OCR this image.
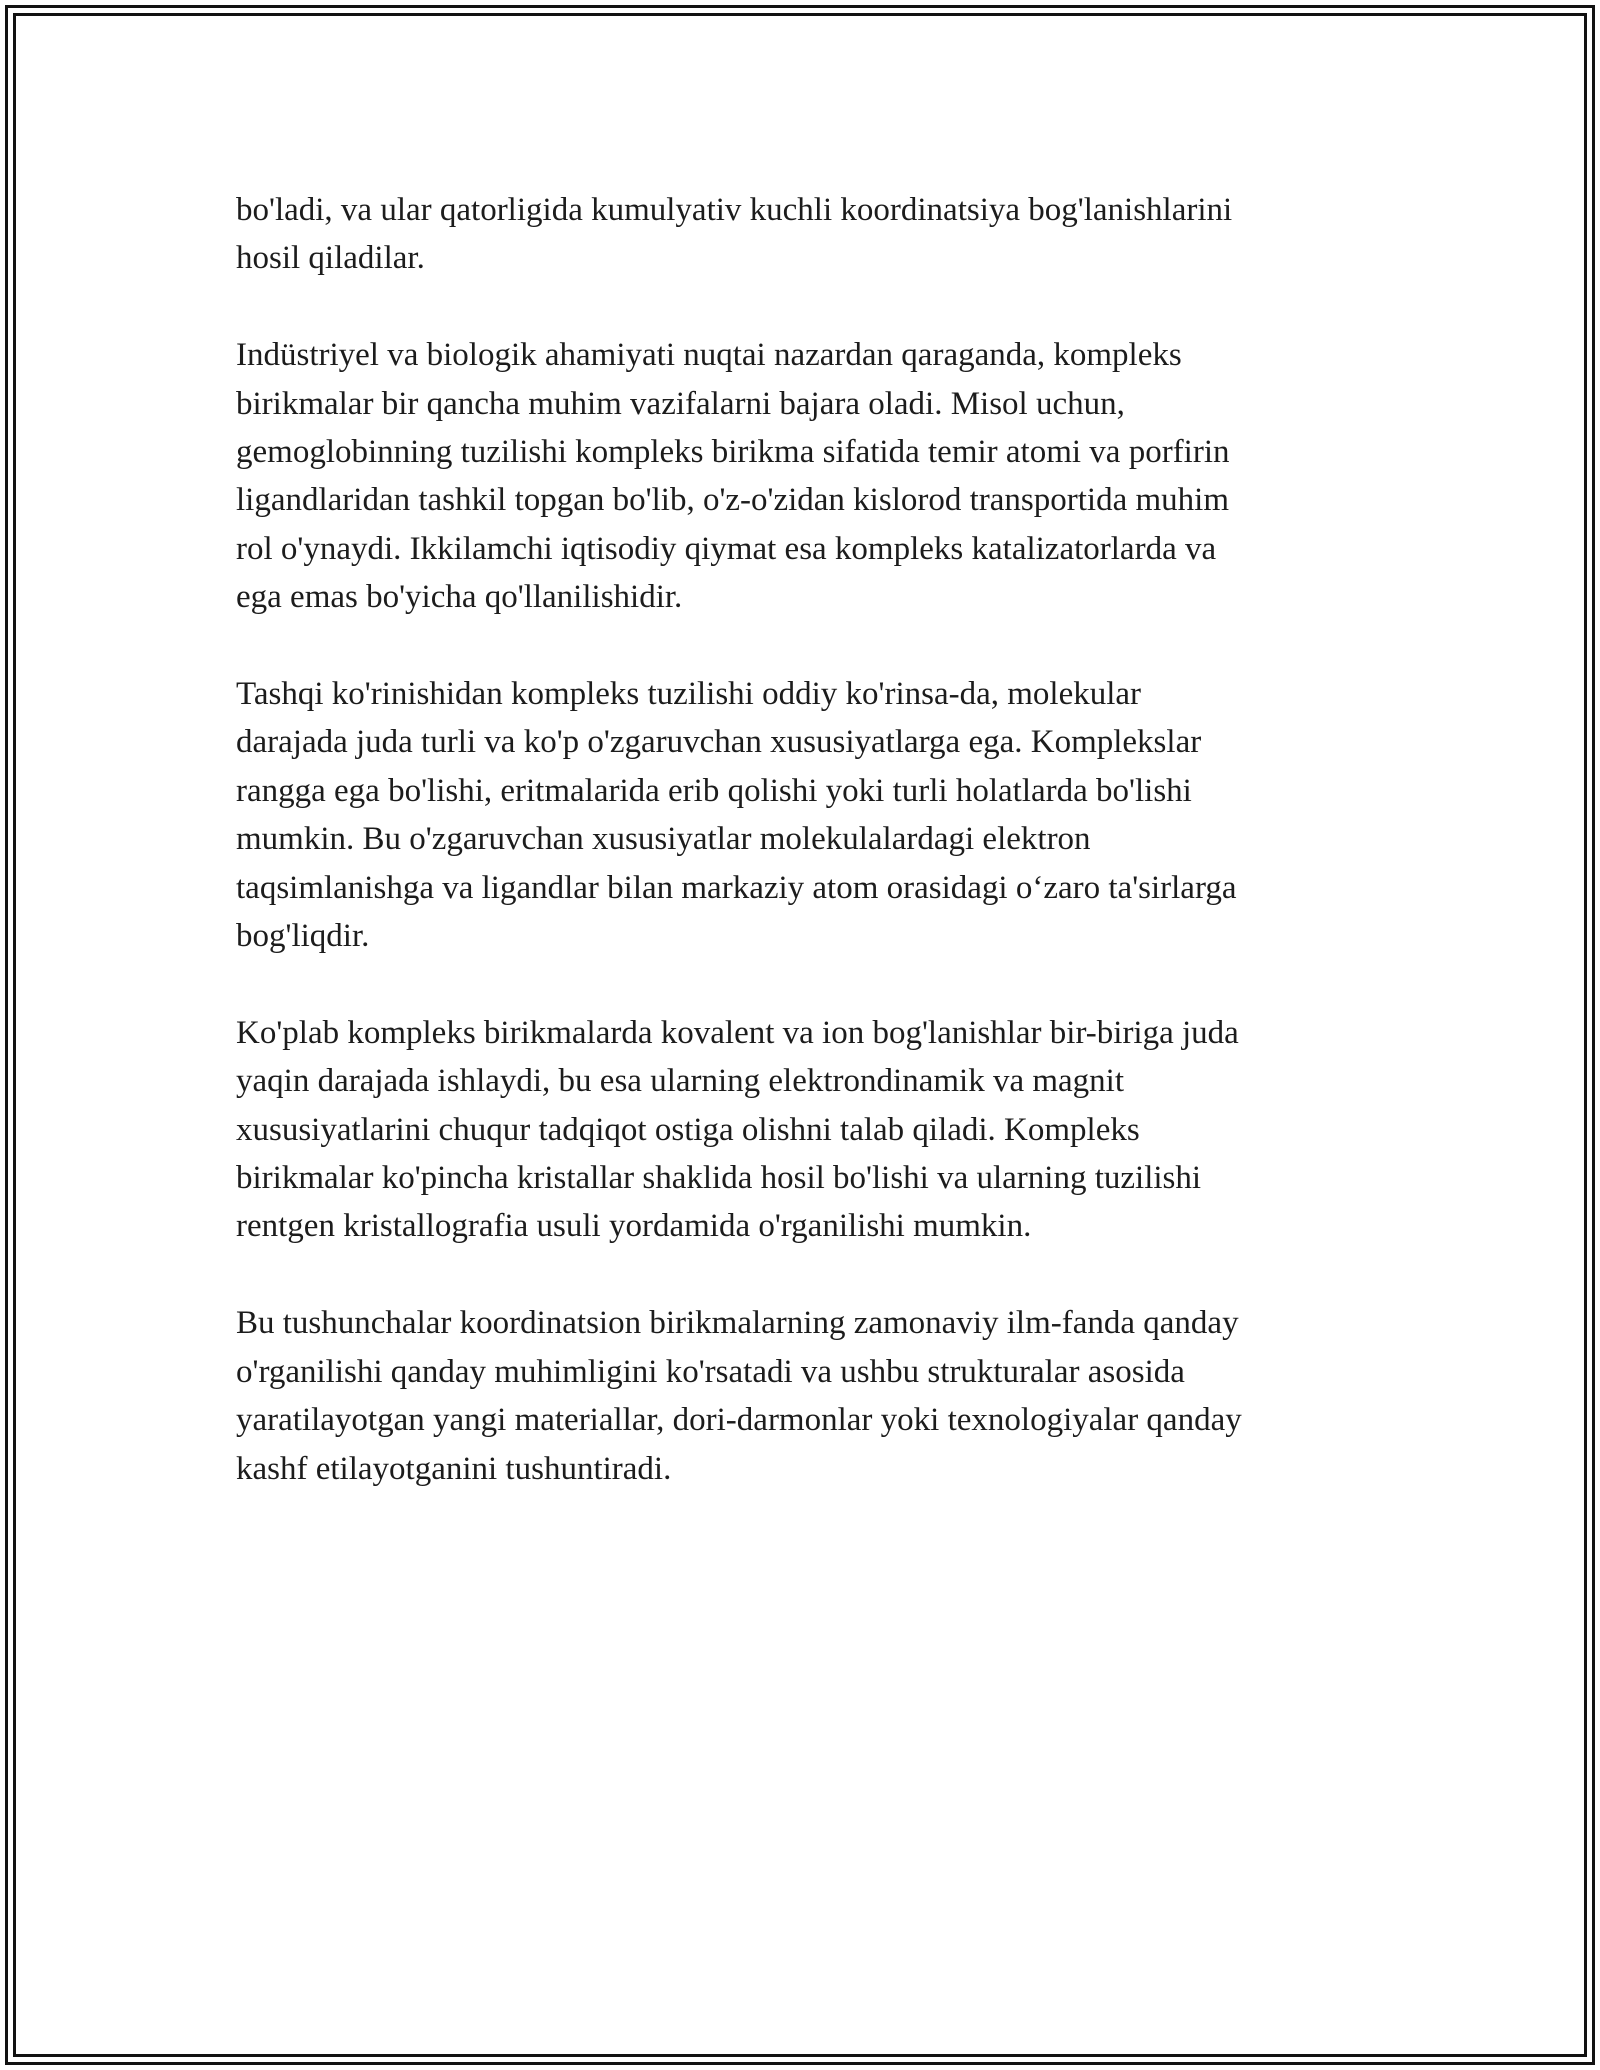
bo'ladi, va ular qatorligida kumulyativ kuchli koordinatsiya bog'lanishlarini
hosil qiladilar.

Indüstriyel va biologik ahamiyati nuqtai nazardan qaraganda, kompleks
birikmalar bir qancha muhim vazifalarni bajara oladi. Misol uchun,
gemoglobinning tuzilishi kompleks birikma sifatida temir atomi va porfirin
ligandlaridan tashkil topgan bo'lib, o'z-o'zidan kislorod transportida muhim
rol o'ynaydi. Ikkilamchi iqtisodiy qiymat esa kompleks katalizatorlarda va
ega emas bo'yicha qo'llanilishidir.

Tashqi ko'rinishidan kompleks tuzilishi oddiy ko'rinsa-da, molekular
darajada juda turli va ko'p o'zgaruvchan xususiyatlarga ega. Komplekslar
rangga ega bo'lishi, eritmalarida erib qolishi yoki turli holatlarda bo'lishi
mumkin. Bu o'zgaruvchan xususiyatlar molekulalardagi elektron
taqsimlanishga va ligandlar bilan markaziy atom orasidagi o‘zaro ta'sirlarga
bog'liqdir.

Ko'plab kompleks birikmalarda kovalent va ion bog'lanishlar bir-biriga juda
yaqin darajada ishlaydi, bu esa ularning elektrondinamik va magnit
xususiyatlarini chuqur tadqiqot ostiga olishni talab qiladi. Kompleks
birikmalar ko'pincha kristallar shaklida hosil bo'lishi va ularning tuzilishi
rentgen kristallografia usuli yordamida o'rganilishi mumkin.

Bu tushunchalar koordinatsion birikmalarning zamonaviy ilm-fanda qanday
o'rganilishi qanday muhimligini ko'rsatadi va ushbu strukturalar asosida
yaratilayotgan yangi materiallar, dori-darmonlar yoki texnologiyalar qanday
kashf etilayotganini tushuntiradi.
